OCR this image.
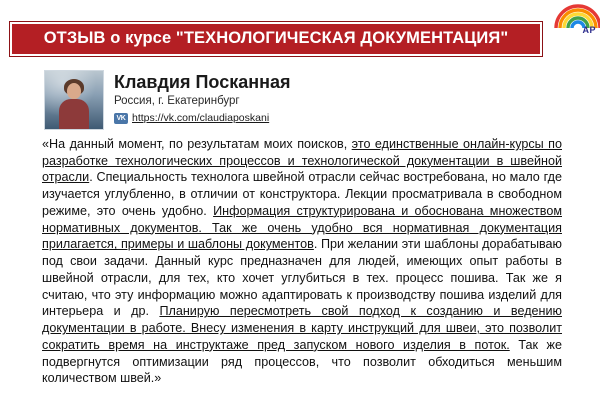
АР
ОТЗЫВ о курсе "ТЕХНОЛОГИЧЕСКАЯ ДОКУМЕНТАЦИЯ"
Клавдия Посканная
Россия, г. Екатеринбург
VK https://vk.com/claudiaposkani
«На данный момент, по результатам моих поисков, это единственные онлайн-курсы по разработке технологических процессов и технологической документации в швейной отрасли. Специальность технолога швейной отрасли сейчас востребована, но мало где изучается углубленно, в отличии от конструктора. Лекции просматривала в свободном режиме, это очень удобно. Информация структурирована и обоснована множеством нормативных документов. Так же очень удобно вся нормативная документация прилагается, примеры и шаблоны документов. При желании эти шаблоны дорабатываю под свои задачи. Данный курс предназначен для людей, имеющих опыт работы в швейной отрасли, для тех, кто хочет углубиться в тех. процесс пошива. Так же я считаю, что эту информацию можно адаптировать к производству пошива изделий для интерьера и др. Планирую пересмотреть свой подход к созданию и ведению документации в работе. Внесу изменения в карту инструкций для швеи, это позволит сократить время на инструктаже пред запуском нового изделия в поток. Так же подвергнутся оптимизации ряд процессов, что позволит обходиться меньшим количеством швей.»
